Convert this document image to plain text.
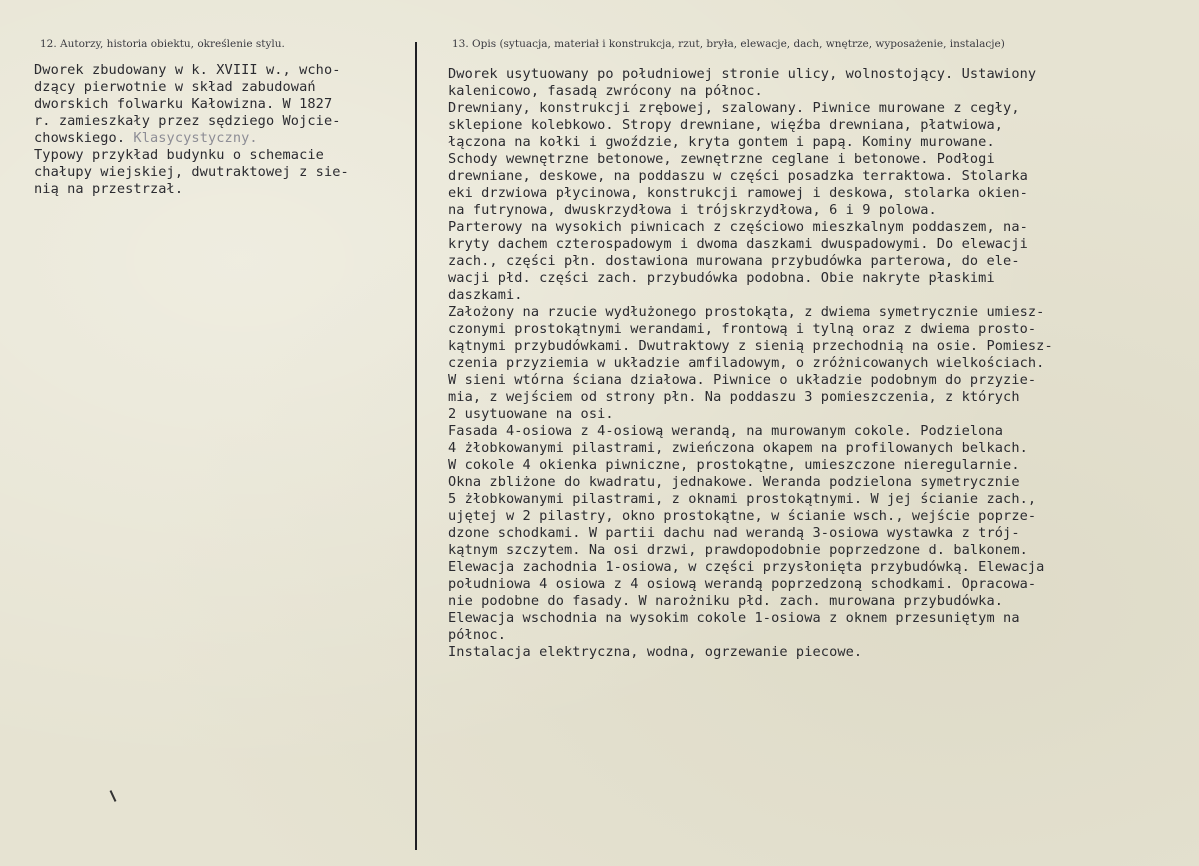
12. Autorzy, historia obiektu, określenie stylu.	13. Opis (sytuacja, materiał i konstrukcja, rzut, bryła, elewacje, dach, wnętrze, wyposażenie, instalacje)
Dworek zbudowany w k. XVIII w., wcho-
dzący pierwotnie w skład zabudowań
dworskich folwarku Kałowizna. W 1827
r. zamieszkały przez sędziego Wojcie-
chowskiego. Klasycystyczny.
Typowy przykład budynku o schemacie
chałupy wiejskiej, dwutraktowej z sie-
nią na przestrzał.
Dworek usytuowany po południowej stronie ulicy, wolnostojący. Ustawiony
kalenicowo, fasadą zwrócony na północ.
Drewniany, konstrukcji zrębowej, szalowany. Piwnice murowane z cegły,
sklepione kolebkowo. Stropy drewniane, więźba drewniana, płatwiowa,
łączona na kołki i gwoździe, kryta gontem i papą. Kominy murowane.
Schody wewnętrzne betonowe, zewnętrzne ceglane i betonowe. Podłogi
drewniane, deskowe, na poddaszu w części posadzka terraktowa. Stolarka
eki drzwiowa płycinowa, konstrukcji ramowej i deskowa, stolarka okien-
na futrynowa, dwuskrzydłowa i trójskrzydłowa, 6 i 9 polowa.
Parterowy na wysokich piwnicach z częściowo mieszkalnym poddaszem, na-
kryty dachem czterospadowym i dwoma daszkami dwuspadowymi. Do elewacji
zach., części płn. dostawiona murowana przybudówka parterowa, do ele-
wacji płd. części zach. przybudówka podobna. Obie nakryte płaskimi
daszkami.
Założony na rzucie wydłużonego prostokąta, z dwiema symetrycznie umiesz-
czonymi prostokątnymi werandami, frontową i tylną oraz z dwiema prosto-
kątnymi przybudówkami. Dwutraktowy z sienią przechodnią na osie. Pomiesz-
czenia przyziemia w układzie amfiladowym, o zróżnicowanych wielkościach.
W sieni wtórna ściana działowa. Piwnice o układzie podobnym do przyzie-
mia, z wejściem od strony płn. Na poddaszu 3 pomieszczenia, z których
2 usytuowane na osi.
Fasada 4-osiowa z 4-osiową werandą, na murowanym cokole. Podzielona
4 żłobkowanymi pilastrami, zwieńczona okapem na profilowanych belkach.
W cokole 4 okienka piwniczne, prostokątne, umieszczone nieregularnie.
Okna zbliżone do kwadratu, jednakowe. Weranda podzielona symetrycznie
5 żłobkowanymi pilastrami, z oknami prostokątnymi. W jej ścianie zach.,
ujętej w 2 pilastry, okno prostokątne, w ścianie wsch., wejście poprze-
dzone schodkami. W partii dachu nad werandą 3-osiowa wystawka z trój-
kątnym szczytem. Na osi drzwi, prawdopodobnie poprzedzone d. balkonem.
Elewacja zachodnia 1-osiowa, w części przysłonięta przybudówką. Elewacja
południowa 4 osiowa z 4 osiową werandą poprzedzoną schodkami. Opracowa-
nie podobne do fasady. W narożniku płd. zach. murowana przybudówka.
Elewacja wschodnia na wysokim cokole 1-osiowa z oknem przesuniętym na
północ.
Instalacja elektryczna, wodna, ogrzewanie piecowe.
